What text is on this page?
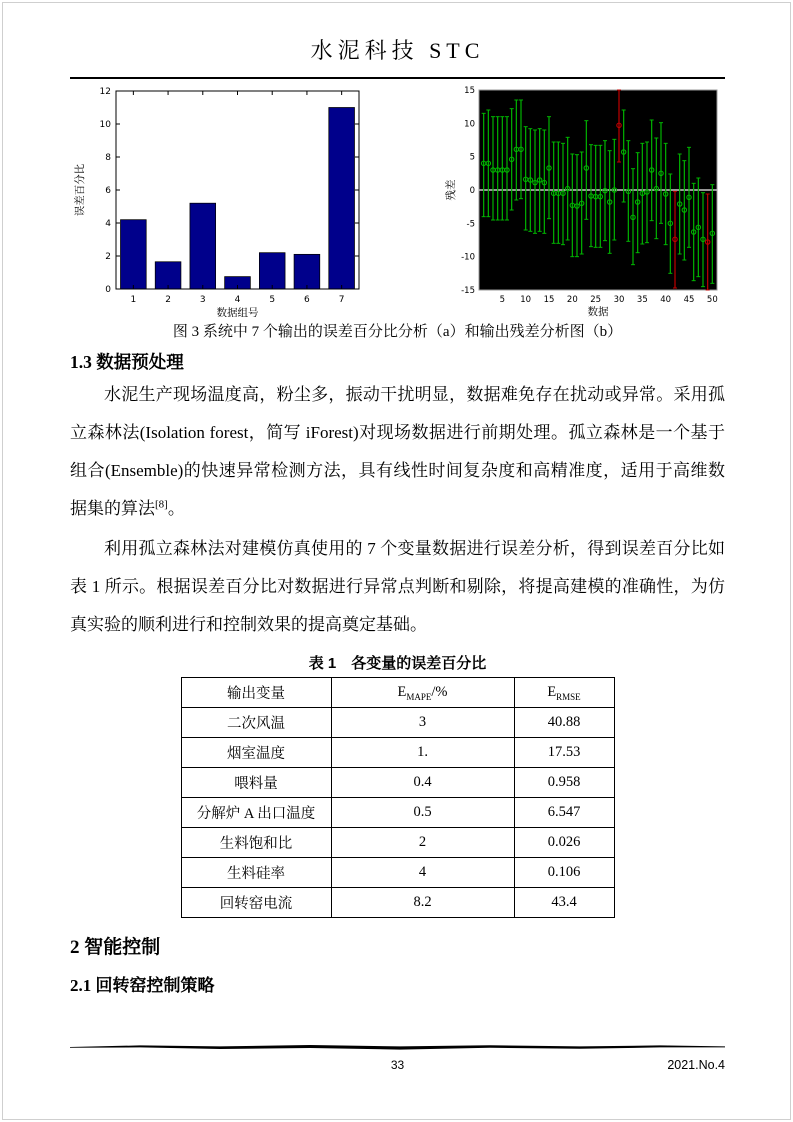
水泥科技 STC
0
2
4
6
8
10
12
1	2	3	4	5	6	7
数据组号
误差百分比
-15
-10
-5
0
5
10
15
5 10 15 20 25 30 35 40 45 50
数据
残差
图 3 系统中 7 个输出的误差百分比分析（a）和输出残差分析图（b）
1.3 数据预处理

水泥生产现场温度高，粉尘多，振动干扰明显，数据难免存在扰动或异常。采用孤立森林法(Isolation forest，简写 iForest)对现场数据进行前期处理。孤立森林是一个基于组合(Ensemble)的快速异常检测方法，具有线性时间复杂度和高精准度，适用于高维数据集的算法[8]。

利用孤立森林法对建模仿真使用的 7 个变量数据进行误差分析，得到误差百分比如表 1 所示。根据误差百分比对数据进行异常点判断和剔除，将提高建模的准确性，为仿真实验的顺利进行和控制效果的提高奠定基础。

表 1　各变量的误差百分比
输出变量	$E_{MAPE}/\%$	$E_{RMSE}$
二次风温	3	40.88
烟室温度	1.	17.53
喂料量	0.4	0.958
分解炉 A 出口温度	0.5	6.547
生料饱和比	2	0.026
生料硅率	4	0.106
回转窑电流	8.2	43.4
2 智能控制
2.1 回转窑控制策略
33	2021.No.4
